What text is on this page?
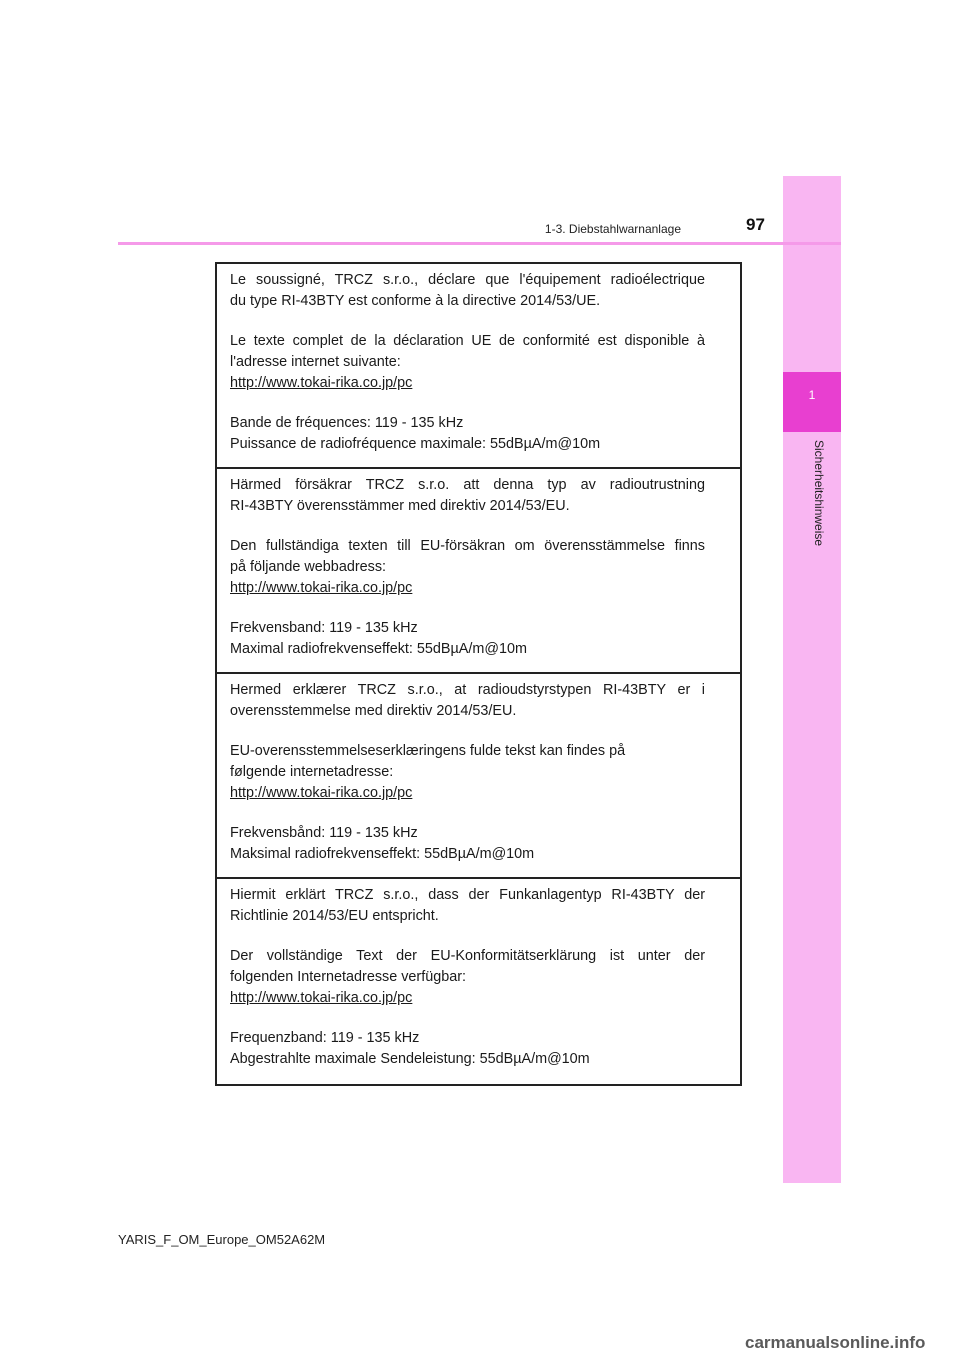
1
Sicherheitshinweise
1-3. Diebstahlwarnanlage	97

Le soussigné, TRCZ s.r.o., déclare que l'équipement radioélectrique

du type RI-43BTY est conforme à la directive 2014/53/UE.

Le texte complet de la déclaration UE de conformité est disponible à

l'adresse internet suivante:

http://www.tokai-rika.co.jp/pc

Bande de fréquences: 119 - 135 kHz

Puissance de radiofréquence maximale: 55dBµA/m@10m

Härmed försäkrar TRCZ s.r.o. att denna typ av radioutrustning

RI-43BTY överensstämmer med direktiv 2014/53/EU.

Den fullständiga texten till EU-försäkran om överensstämmelse finns

på följande webbadress:

http://www.tokai-rika.co.jp/pc

Frekvensband: 119 - 135 kHz

Maximal radiofrekvenseffekt: 55dBµA/m@10m

Hermed erklærer TRCZ s.r.o., at radioudstyrstypen RI-43BTY er i

overensstemmelse med direktiv 2014/53/EU.

EU-overensstemmelseserklæringens fulde tekst kan findes på

følgende internetadresse:

http://www.tokai-rika.co.jp/pc

Frekvensbånd: 119 - 135 kHz

Maksimal radiofrekvenseffekt: 55dBµA/m@10m

Hiermit erklärt TRCZ s.r.o., dass der Funkanlagentyp RI-43BTY der

Richtlinie 2014/53/EU entspricht.

Der vollständige Text der EU-Konformitätserklärung ist unter der

folgenden Internetadresse verfügbar:

http://www.tokai-rika.co.jp/pc

Frequenzband: 119 - 135 kHz

Abgestrahlte maximale Sendeleistung: 55dBµA/m@10m

YARIS_F_OM_Europe_OM52A62M
carmanualsonline.info
